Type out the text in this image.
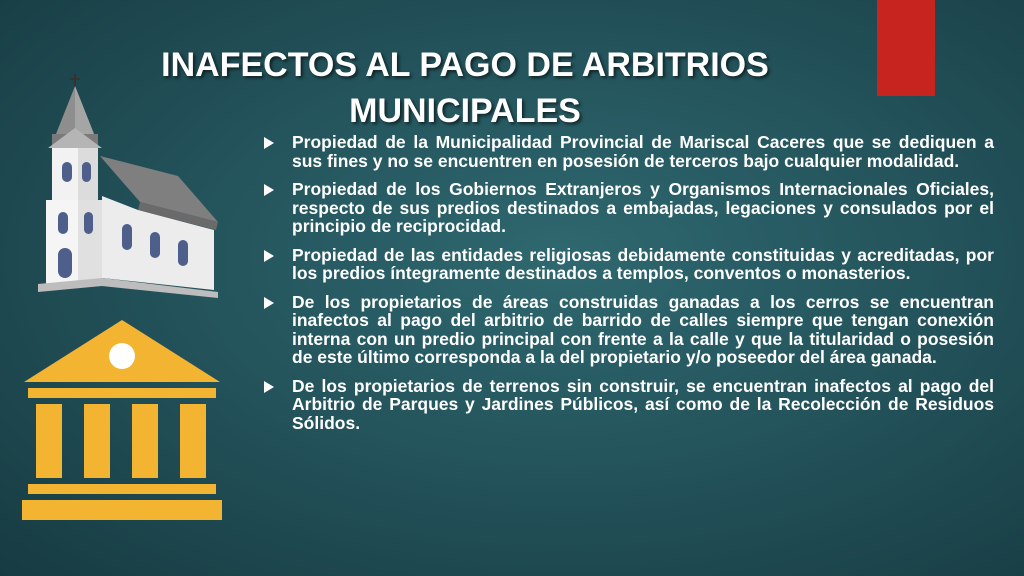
INAFECTOS AL PAGO DE ARBITRIOS
MUNICIPALES
Propiedad de la Municipalidad Provincial de Mariscal Caceres que se dediquen a sus fines y no se encuentren en posesión de terceros bajo cualquier modalidad.
Propiedad de los Gobiernos Extranjeros y Organismos Internacionales Oficiales, respecto de sus predios destinados a embajadas, legaciones y consulados por el principio de reciprocidad.
Propiedad de las entidades religiosas debidamente constituidas y acreditadas, por los predios íntegramente destinados a templos, conventos o monasterios.
De los propietarios de áreas construidas ganadas a los cerros se encuentran inafectos al pago del arbitrio de barrido de calles siempre que tengan conexión interna con un predio principal con frente a la calle y que la titularidad o posesión de este último corresponda a la del propietario y/o poseedor del área ganada.
De los propietarios de terrenos sin construir, se encuentran inafectos al pago del Arbitrio de Parques y Jardines Públicos, así como de la Recolección de Residuos Sólidos.
